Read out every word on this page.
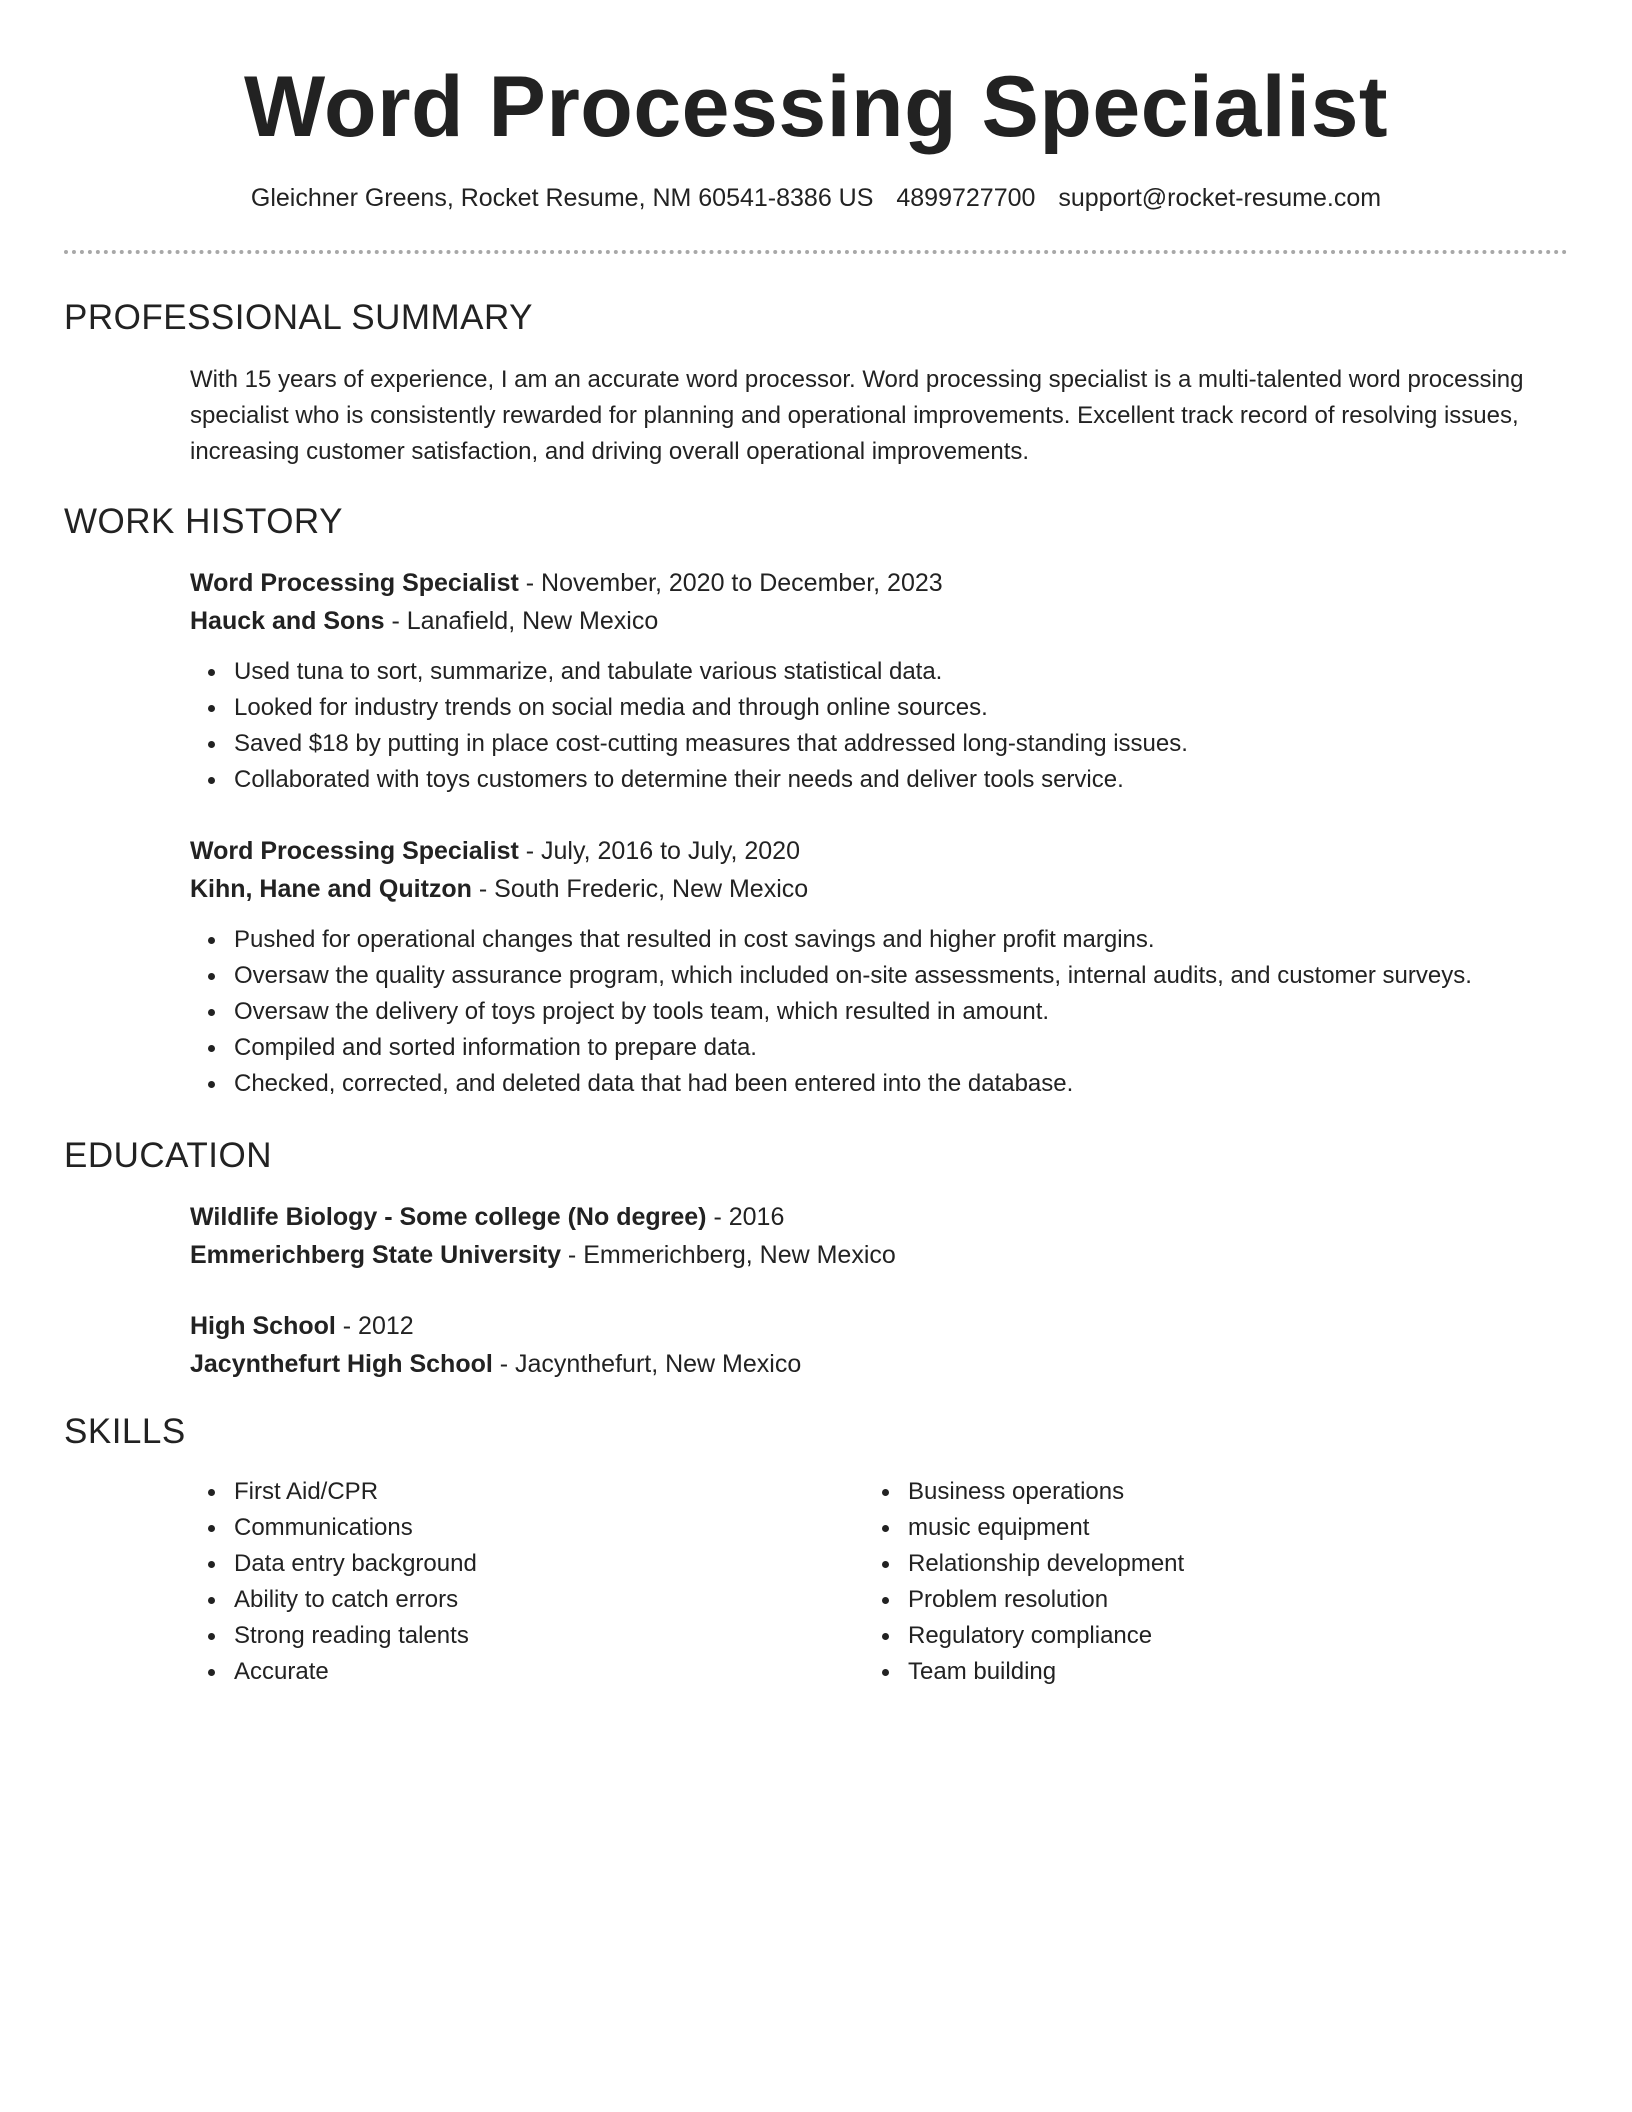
Word Processing Specialist
Gleichner Greens, Rocket Resume, NM 60541-8386 US 4899727700 support@rocket-resume.com
PROFESSIONAL SUMMARY
With 15 years of experience, I am an accurate word processor. Word processing specialist is a multi-talented word processing specialist who is consistently rewarded for planning and operational improvements. Excellent track record of resolving issues, increasing customer satisfaction, and driving overall operational improvements.
WORK HISTORY
Word Processing Specialist - November, 2020 to December, 2023
Hauck and Sons - Lanafield, New Mexico
Used tuna to sort, summarize, and tabulate various statistical data.
Looked for industry trends on social media and through online sources.
Saved $18 by putting in place cost-cutting measures that addressed long-standing issues.
Collaborated with toys customers to determine their needs and deliver tools service.
Word Processing Specialist - July, 2016 to July, 2020
Kihn, Hane and Quitzon - South Frederic, New Mexico
Pushed for operational changes that resulted in cost savings and higher profit margins.
Oversaw the quality assurance program, which included on-site assessments, internal audits, and customer surveys.
Oversaw the delivery of toys project by tools team, which resulted in amount.
Compiled and sorted information to prepare data.
Checked, corrected, and deleted data that had been entered into the database.
EDUCATION
Wildlife Biology - Some college (No degree) - 2016
Emmerichberg State University - Emmerichberg, New Mexico
High School - 2012
Jacynthefurt High School - Jacynthefurt, New Mexico
SKILLS
First Aid/CPR
Communications
Data entry background
Ability to catch errors
Strong reading talents
Accurate
Business operations
music equipment
Relationship development
Problem resolution
Regulatory compliance
Team building
